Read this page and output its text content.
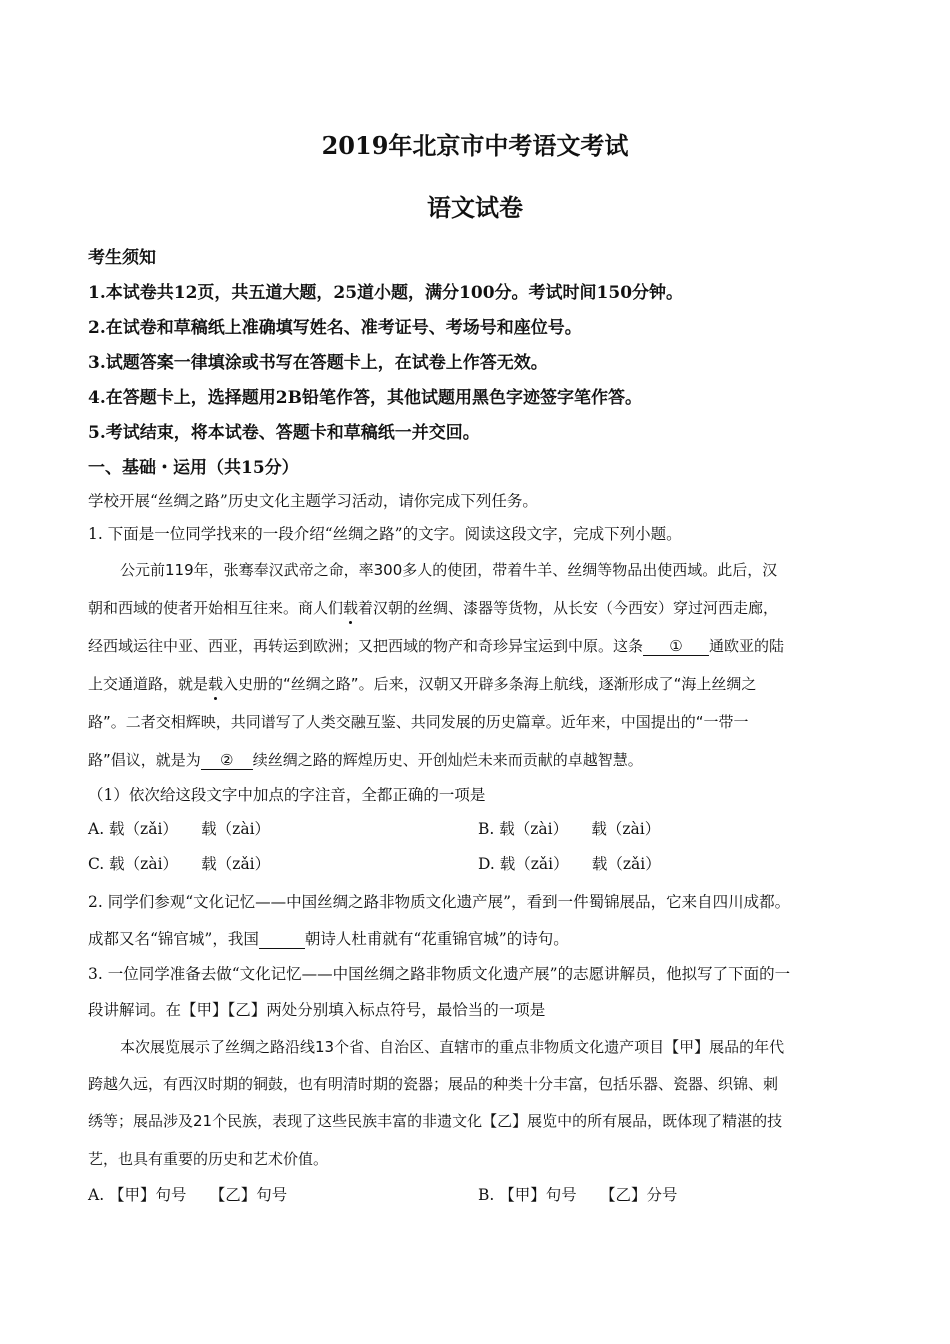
2019年北京市中考语文考试
语文试卷
考生须知
1.本试卷共12页，共五道大题，25道小题，满分100分。考试时间150分钟。
2.在试卷和草稿纸上准确填写姓名、准考证号、考场号和座位号。
3.试题答案一律填涂或书写在答题卡上，在试卷上作答无效。
4.在答题卡上，选择题用2B铅笔作答，其他试题用黑色字迹签字笔作答。
5.考试结束，将本试卷、答题卡和草稿纸一并交回。
一、基础・运用（共15分）
学校开展“丝绸之路”历史文化主题学习活动，请你完成下列任务。
1. 下面是一位同学找来的一段介绍“丝绸之路”的文字。阅读这段文字，完成下列小题。
公元前119年，张骞奉汉武帝之命，率300多人的使团，带着牛羊、丝绸等物品出使西域。此后，汉
朝和西域的使者开始相互往来。商人们载着汉朝的丝绸、漆器等货物，从长安（今西安）穿过河西走廊，
经西域运往中亚、西亚，再转运到欧洲；又把西域的物产和奇珍异宝运到中原。这条 ① 通欧亚的陆
上交通道路，就是载入史册的“丝绸之路”。后来，汉朝又开辟多条海上航线，逐渐形成了“海上丝绸之
路”。二者交相辉映，共同谱写了人类交融互鉴、共同发展的历史篇章。近年来，中国提出的“一带一
路”倡议，就是为 ② 续丝绸之路的辉煌历史、开创灿烂未来而贡献的卓越智慧。
（1）依次给这段文字中加点的字注音，全都正确的一项是
A. 载（zǎi）　　载（zài）	B. 载（zài）　　载（zài）
C. 载（zài）　　载（zǎi）	D. 载（zǎi）　　载（zǎi）
2. 同学们参观“文化记忆——中国丝绸之路非物质文化遗产展”，看到一件蜀锦展品，它来自四川成都。
成都又名“锦官城”，我国	朝诗人杜甫就有“花重锦官城”的诗句。
3. 一位同学准备去做“文化记忆——中国丝绸之路非物质文化遗产展”的志愿讲解员，他拟写了下面的一
段讲解词。在【甲】【乙】两处分别填入标点符号，最恰当的一项是
本次展览展示了丝绸之路沿线13个省、自治区、直辖市的重点非物质文化遗产项目【甲】展品的年代
跨越久远，有西汉时期的铜鼓，也有明清时期的瓷器；展品的种类十分丰富，包括乐器、瓷器、织锦、刺
绣等；展品涉及21个民族，表现了这些民族丰富的非遗文化【乙】展览中的所有展品，既体现了精湛的技
艺，也具有重要的历史和艺术价值。
A. 【甲】句号　　【乙】句号	B. 【甲】句号　　【乙】分号
